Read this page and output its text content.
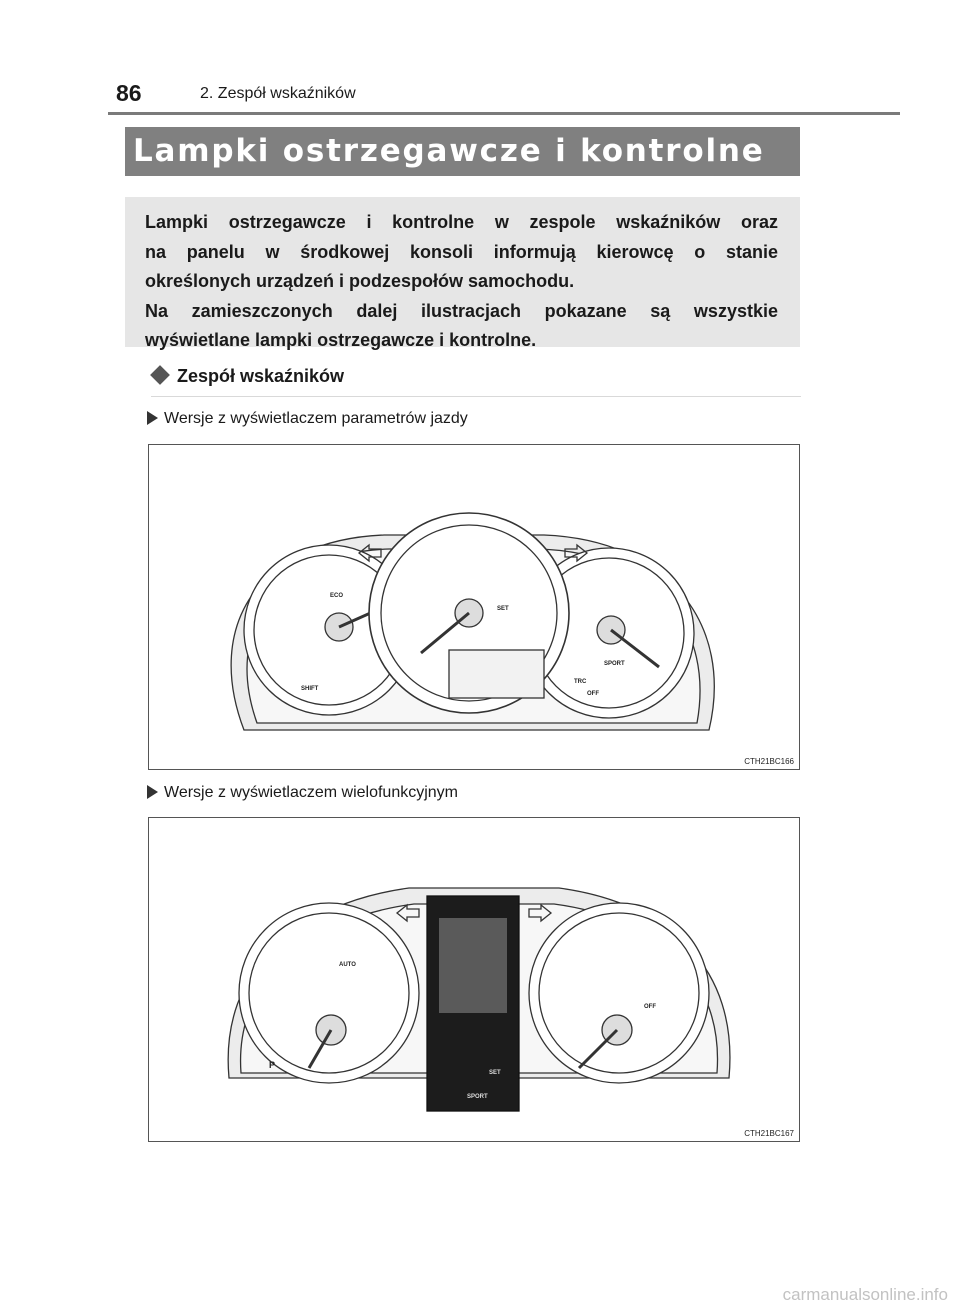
86	2. Zespół wskaźników
Lampki ostrzegawcze i kontrolne

Lampki ostrzegawcze i kontrolne w zespole wskaźników oraz

na panelu w środkowej konsoli informują kierowcę o stanie

określonych urządzeń i podzespołów samochodu.

Na zamieszczonych dalej ilustracjach pokazane są wszystkie

wyświetlane lampki ostrzegawcze i kontrolne.

Zespół wskaźników
Wersje z wyświetlaczem parametrów jazdy
SHIFT
SET
SPORT
TRC
OFF
ECO
CTH21BC166
Wersje z wyświetlaczem wielofunkcyjnym
AUTO
SPORT
SET
OFF
P
CTH21BC167
carmanualsonline.info
